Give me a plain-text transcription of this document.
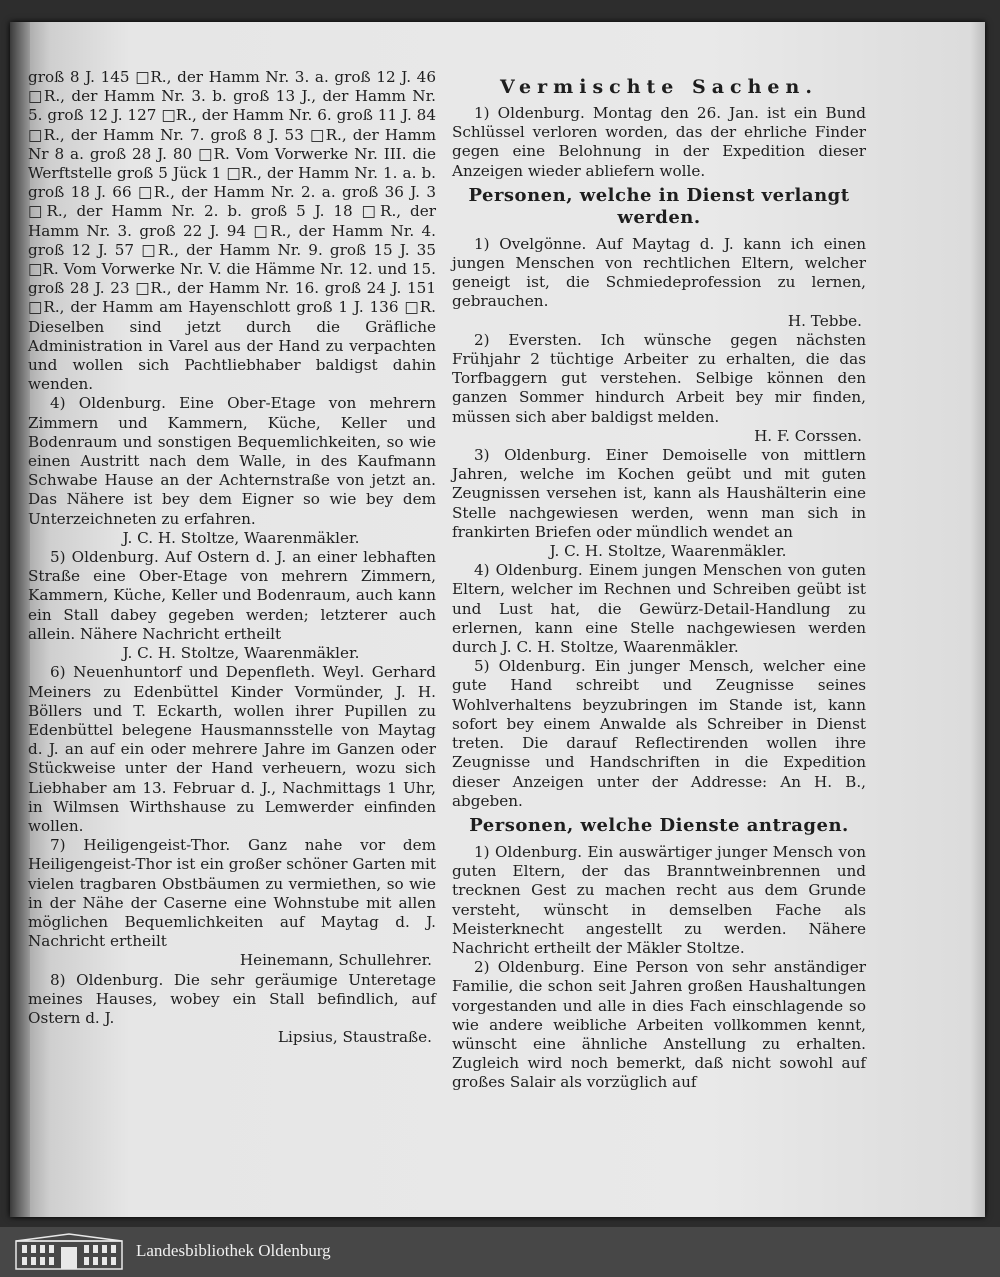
groß 8 J. 145 □R., der Hamm Nr. 3. a. groß 12 J. 46 □R., der Hamm Nr. 3. b. groß 13 J., der Hamm Nr. 5. groß 12 J. 127 □R., der Hamm Nr. 6. groß 11 J. 84 □R., der Hamm Nr. 7. groß 8 J. 53 □R., der Hamm Nr 8 a. groß 28 J. 80 □R. Vom Vorwerke Nr. III. die Werftstelle groß 5 Jück 1 □R., der Hamm Nr. 1. a. b. groß 18 J. 66 □R., der Hamm Nr. 2. a. groß 36 J. 3 □R., der Hamm Nr. 2. b. groß 5 J. 18 □R., der Hamm Nr. 3. groß 22 J. 94 □R., der Hamm Nr. 4. groß 12 J. 57 □R., der Hamm Nr. 9. groß 15 J. 35 □R. Vom Vorwerke Nr. V. die Hämme Nr. 12. und 15. groß 28 J. 23 □R., der Hamm Nr. 16. groß 24 J. 151 □R., der Hamm am Hayenschlott groß 1 J. 136 □R. Dieselben sind jetzt durch die Gräfliche Administration in Varel aus der Hand zu verpachten und wollen sich Pachtliebhaber baldigst dahin wenden.

4) Oldenburg. Eine Ober-Etage von mehrern Zimmern und Kammern, Küche, Keller und Bodenraum und sonstigen Bequemlichkeiten, so wie einen Austritt nach dem Walle, in des Kaufmann Schwabe Hause an der Achternstraße von jetzt an. Das Nähere ist bey dem Eigner so wie bey dem Unterzeichneten zu erfahren.

J. C. H. Stoltze, Waarenmäkler.

5) Oldenburg. Auf Ostern d. J. an einer lebhaften Straße eine Ober-Etage von mehrern Zimmern, Kammern, Küche, Keller und Bodenraum, auch kann ein Stall dabey gegeben werden; letzterer auch allein. Nähere Nachricht ertheilt

J. C. H. Stoltze, Waarenmäkler.

6) Neuenhuntorf und Depenfleth. Weyl. Gerhard Meiners zu Edenbüttel Kinder Vormünder, J. H. Böllers und T. Eckarth, wollen ihrer Pupillen zu Edenbüttel belegene Hausmannsstelle von Maytag d. J. an auf ein oder mehrere Jahre im Ganzen oder Stückweise unter der Hand verheuern, wozu sich Liebhaber am 13. Februar d. J., Nachmittags 1 Uhr, in Wilmsen Wirthshause zu Lemwerder einfinden wollen.

7) Heiligengeist-Thor. Ganz nahe vor dem Heiligengeist-Thor ist ein großer schöner Garten mit vielen tragbaren Obstbäumen zu vermiethen, so wie in der Nähe der Caserne eine Wohnstube mit allen möglichen Bequemlichkeiten auf Maytag d. J. Nachricht ertheilt

Heinemann, Schullehrer.

8) Oldenburg. Die sehr geräumige Unteretage meines Hauses, wobey ein Stall befindlich, auf Ostern d. J.

Lipsius, Staustraße.

Vermischte Sachen.

1) Oldenburg. Montag den 26. Jan. ist ein Bund Schlüssel verloren worden, das der ehrliche Finder gegen eine Belohnung in der Expedition dieser Anzeigen wieder abliefern wolle.

Personen, welche in Dienst verlangt werden.

1) Ovelgönne. Auf Maytag d. J. kann ich einen jungen Menschen von rechtlichen Eltern, welcher geneigt ist, die Schmiedeprofession zu lernen, gebrauchen.

H. Tebbe.

2) Eversten. Ich wünsche gegen nächsten Frühjahr 2 tüchtige Arbeiter zu erhalten, die das Torfbaggern gut verstehen. Selbige können den ganzen Sommer hindurch Arbeit bey mir finden, müssen sich aber baldigst melden.

H. F. Corssen.

3) Oldenburg. Einer Demoiselle von mittlern Jahren, welche im Kochen geübt und mit guten Zeugnissen versehen ist, kann als Haushälterin eine Stelle nachgewiesen werden, wenn man sich in frankirten Briefen oder mündlich wendet an

J. C. H. Stoltze, Waarenmäkler.

4) Oldenburg. Einem jungen Menschen von guten Eltern, welcher im Rechnen und Schreiben geübt ist und Lust hat, die Gewürz-Detail-Handlung zu erlernen, kann eine Stelle nachgewiesen werden durch J. C. H. Stoltze, Waarenmäkler.

5) Oldenburg. Ein junger Mensch, welcher eine gute Hand schreibt und Zeugnisse seines Wohlverhaltens beyzubringen im Stande ist, kann sofort bey einem Anwalde als Schreiber in Dienst treten. Die darauf Reflectirenden wollen ihre Zeugnisse und Handschriften in die Expedition dieser Anzeigen unter der Addresse: An H. B., abgeben.

Personen, welche Dienste antragen.

1) Oldenburg. Ein auswärtiger junger Mensch von guten Eltern, der das Branntweinbrennen und trecknen Gest zu machen recht aus dem Grunde versteht, wünscht in demselben Fache als Meisterknecht angestellt zu werden. Nähere Nachricht ertheilt der Mäkler Stoltze.

2) Oldenburg. Eine Person von sehr anständiger Familie, die schon seit Jahren großen Haushaltungen vorgestanden und alle in dies Fach einschlagende so wie andere weibliche Arbeiten vollkommen kennt, wünscht eine ähnliche Anstellung zu erhalten. Zugleich wird noch bemerkt, daß nicht sowohl auf großes Salair als vorzüglich auf

Landesbibliothek Oldenburg
